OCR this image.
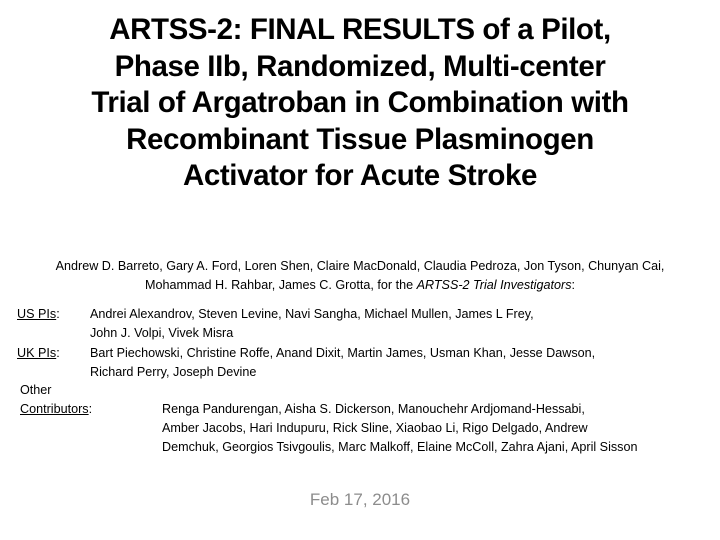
ARTSS-2: FINAL RESULTS of a Pilot,
Phase IIb, Randomized, Multi-center
Trial of Argatroban in Combination with
Recombinant Tissue Plasminogen
Activator for Acute Stroke
Andrew D. Barreto, Gary A. Ford, Loren Shen, Claire MacDonald, Claudia Pedroza, Jon Tyson, Chunyan Cai,
Mohammad H. Rahbar, James C. Grotta, for the ARTSS-2 Trial Investigators:
US PIs: Andrei Alexandrov, Steven Levine, Navi Sangha, Michael Mullen, James L Frey,
John J. Volpi, Vivek Misra
UK PIs: Bart Piechowski, Christine Roffe, Anand Dixit, Martin James, Usman Khan, Jesse Dawson,
Richard Perry, Joseph Devine
Other
Contributors:	Renga Pandurengan, Aisha S. Dickerson, Manouchehr Ardjomand-Hessabi,
Amber Jacobs, Hari Indupuru, Rick Sline, Xiaobao Li, Rigo Delgado, Andrew
Demchuk, Georgios Tsivgoulis, Marc Malkoff, Elaine McColl, Zahra Ajani, April Sisson
Feb 17, 2016
